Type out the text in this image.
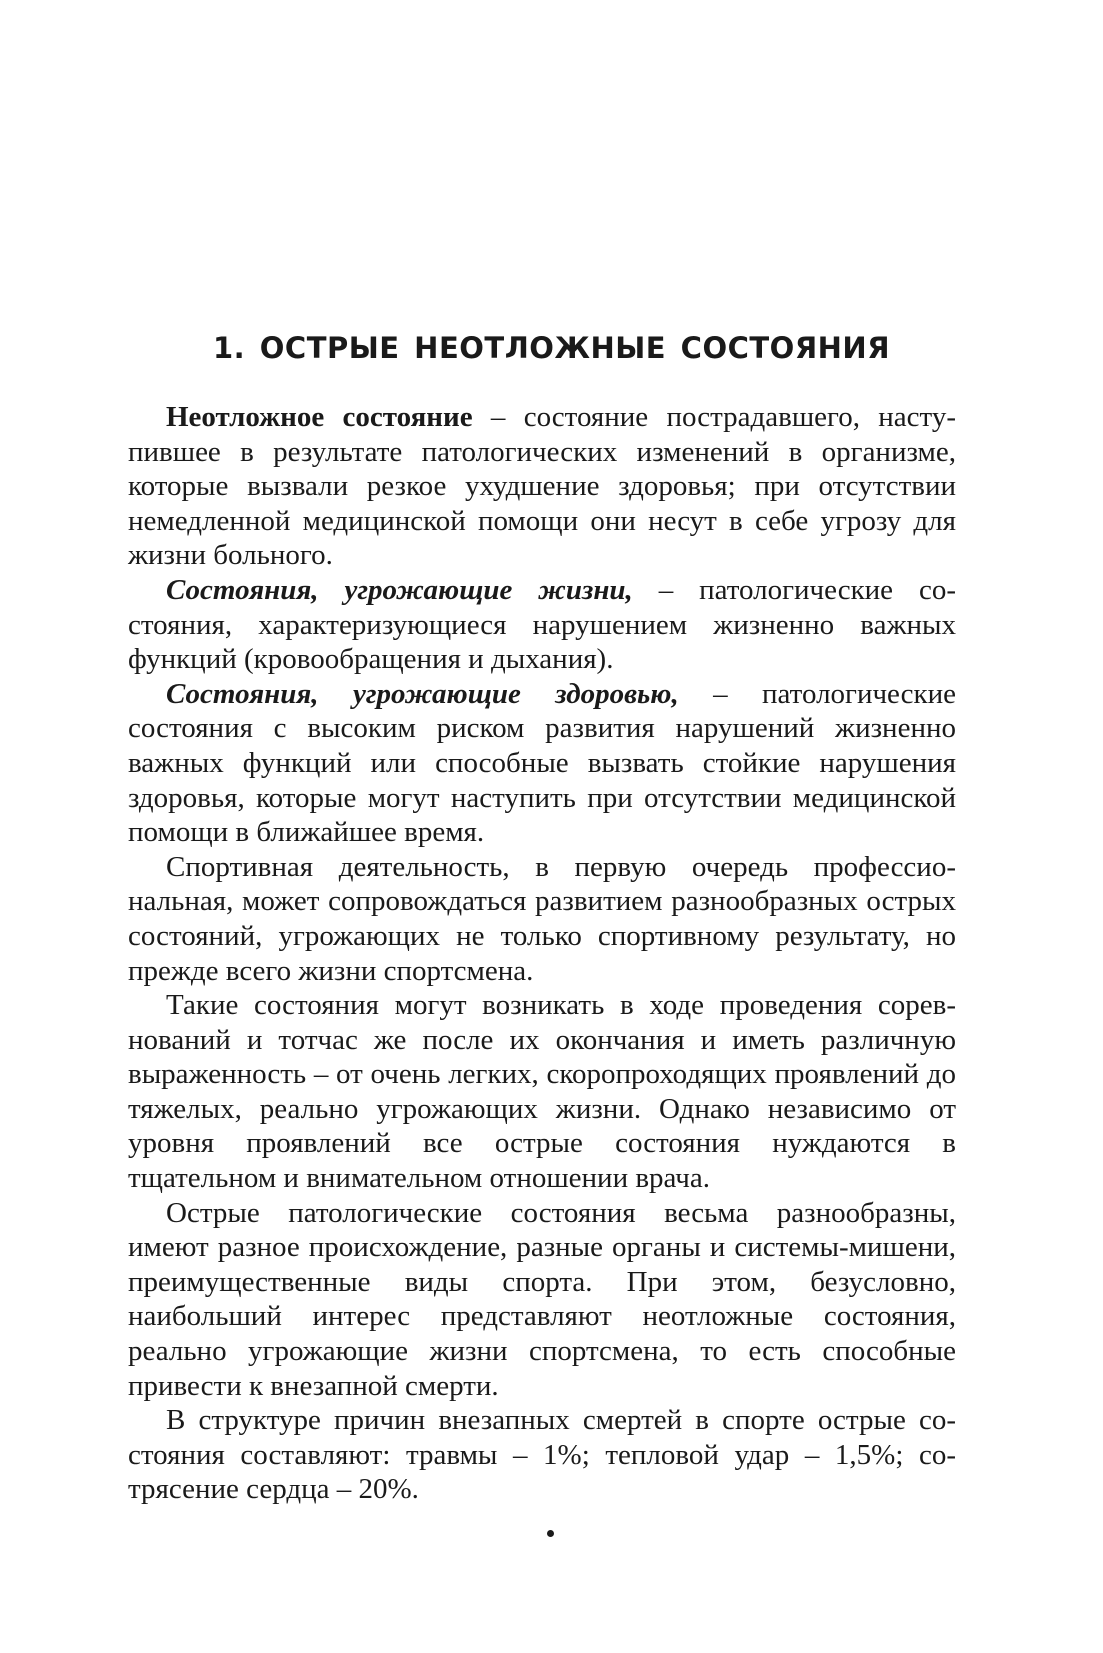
1. ОСТРЫЕ НЕОТЛОЖНЫЕ СОСТОЯНИЯ

Неотложное состояние – состояние пострадавшего, наступившее в результате патологических изменений в организме, которые вызвали резкое ухудшение здоровья; при отсутствии немедленной медицинской помощи они несут в себе угрозу для жизни больного.

Состояния, угрожающие жизни, – патологические состояния, характеризующиеся нарушением жизненно важных функций (кровообращения и дыхания).

Состояния, угрожающие здоровью, – патологические состояния с высоким риском развития нарушений жизненно важных функций или способные вызвать стойкие нарушения здоровья, которые могут наступить при отсутствии медицинской помощи в ближайшее время.

Спортивная деятельность, в первую очередь профессиональная, может сопровождаться развитием разнообразных острых состояний, угрожающих не только спортивному результату, но прежде всего жизни спортсмена.

Такие состояния могут возникать в ходе проведения соревнований и тотчас же после их окончания и иметь различную выраженность – от очень легких, скоропроходящих проявлений до тяжелых, реально угрожающих жизни. Однако независимо от уровня проявлений все острые состояния нуждаются в тщательном и внимательном отношении врача.

Острые патологические состояния весьма разнообразны, имеют разное происхождение, разные органы и системы-мишени, преимущественные виды спорта. При этом, безусловно, наибольший интерес представляют неотложные состояния, реально угрожающие жизни спортсмена, то есть способные привести к внезапной смерти.

В структуре причин внезапных смертей в спорте острые состояния составляют: травмы – 1%; тепловой удар – 1,5%; сотрясение сердца – 20%.
